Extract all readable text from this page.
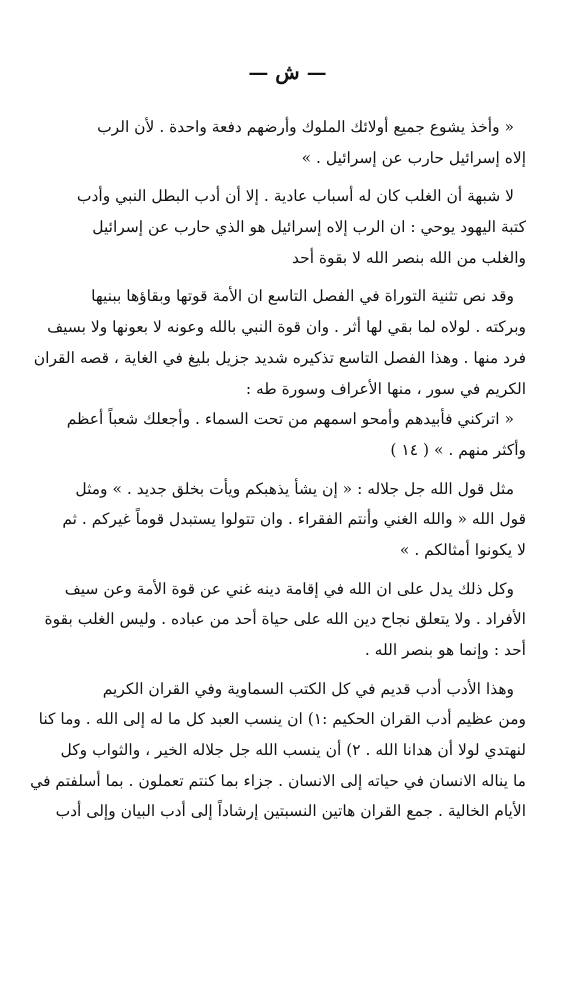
— ش —
« وأخذ يشوع جميع أولائك الملوك وأرضهم دفعة واحدة . لأن الرب
إلاه إسرائيل حارب عن إسرائيل . »
لا شبهة أن الغلب كان له أسباب عادية . إلا أن أدب البطل النبي وأدب
كتبة اليهود يوحي : ان الرب إلاه إسرائيل هو الذي حارب عن إسرائيل
والغلب من الله بنصر الله لا بقوة أحد
وقد نص تثنية التوراة في الفصل التاسع ان الأمة قوتها وبقاؤها ببنيها
وبركته . لولاه لما بقي لها أثر . وان قوة النبي بالله وعونه لا بعونها ولا بسيف
فرد منها . وهذا الفصل التاسع تذكيره شديد جزيل بليغ في الغاية ، قصه القران
الكريم في سور ، منها الأعراف وسورة طه :
« اتركني فأبيدهم وأمحو اسمهم من تحت السماء . وأجعلك شعباً أعظم
وأكثر منهم . » ( ١٤ )
مثل قول الله جل جلاله : « إن يشأ يذهبكم ويأت بخلق جديد . » ومثل
قول الله « والله الغني وأنتم الفقراء . وان تتولوا يستبدل قوماً غيركم . ثم
لا يكونوا أمثالكم . »
وكل ذلك يدل على ان الله في إقامة دينه غني عن قوة الأمة وعن سيف
الأفراد . ولا يتعلق نجاح دين الله على حياة أحد من عباده . وليس الغلب بقوة
أحد : وإنما هو بنصر الله .
وهذا الأدب أدب قديم في كل الكتب السماوية وفي القران الكريم
ومن عظيم أدب القران الحكيم :١) ان ينسب العبد كل ما له إلى الله . وما كنا
لنهتدي لولا أن هدانا الله . ٢) أن ينسب الله جل جلاله الخير ، والثواب وكل
ما يناله الانسان في حياته إلى الانسان . جزاء بما كنتم تعملون . بما أسلفتم في
الأيام الخالية . جمع القران هاتين النسبتين إرشاداً إلى أدب البيان وإلى أدب
